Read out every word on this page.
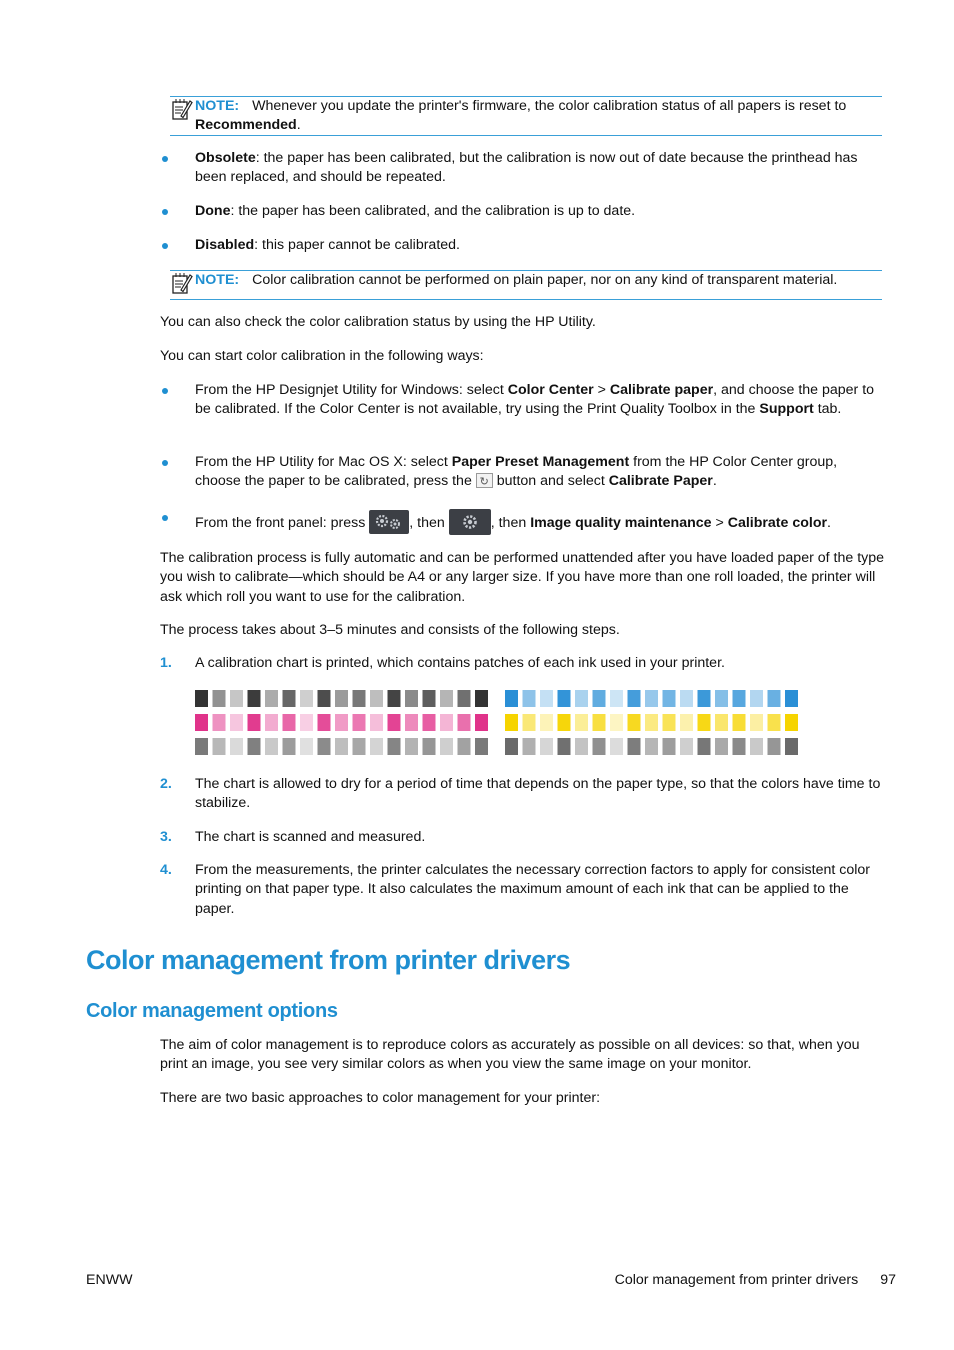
NOTE: Whenever you update the printer's firmware, the color calibration status of all papers is reset to Recommended.
Obsolete: the paper has been calibrated, but the calibration is now out of date because the printhead has been replaced, and should be repeated.
Done: the paper has been calibrated, and the calibration is up to date.
Disabled: this paper cannot be calibrated.
NOTE: Color calibration cannot be performed on plain paper, nor on any kind of transparent material.
You can also check the color calibration status by using the HP Utility.
You can start color calibration in the following ways:
From the HP Designjet Utility for Windows: select Color Center > Calibrate paper, and choose the paper to be calibrated. If the Color Center is not available, try using the Print Quality Toolbox in the Support tab.
From the HP Utility for Mac OS X: select Paper Preset Management from the HP Color Center group, choose the paper to be calibrated, press the ↻ button and select Calibrate Paper.
From the front panel: press	, then	, then Image quality maintenance > Calibrate color.
The calibration process is fully automatic and can be performed unattended after you have loaded paper of the type you wish to calibrate—which should be A4 or any larger size. If you have more than one roll loaded, the printer will ask which roll you want to use for the calibration.
The process takes about 3–5 minutes and consists of the following steps.
1. A calibration chart is printed, which contains patches of each ink used in your printer.
2. The chart is allowed to dry for a period of time that depends on the paper type, so that the colors have time to stabilize.
3. The chart is scanned and measured.
4. From the measurements, the printer calculates the necessary correction factors to apply for consistent color printing on that paper type. It also calculates the maximum amount of each ink that can be applied to the paper.
Color management from printer drivers
Color management options
The aim of color management is to reproduce colors as accurately as possible on all devices: so that, when you print an image, you see very similar colors as when you view the same image on your monitor.
There are two basic approaches to color management for your printer:
ENWW	Color management from printer drivers 97
